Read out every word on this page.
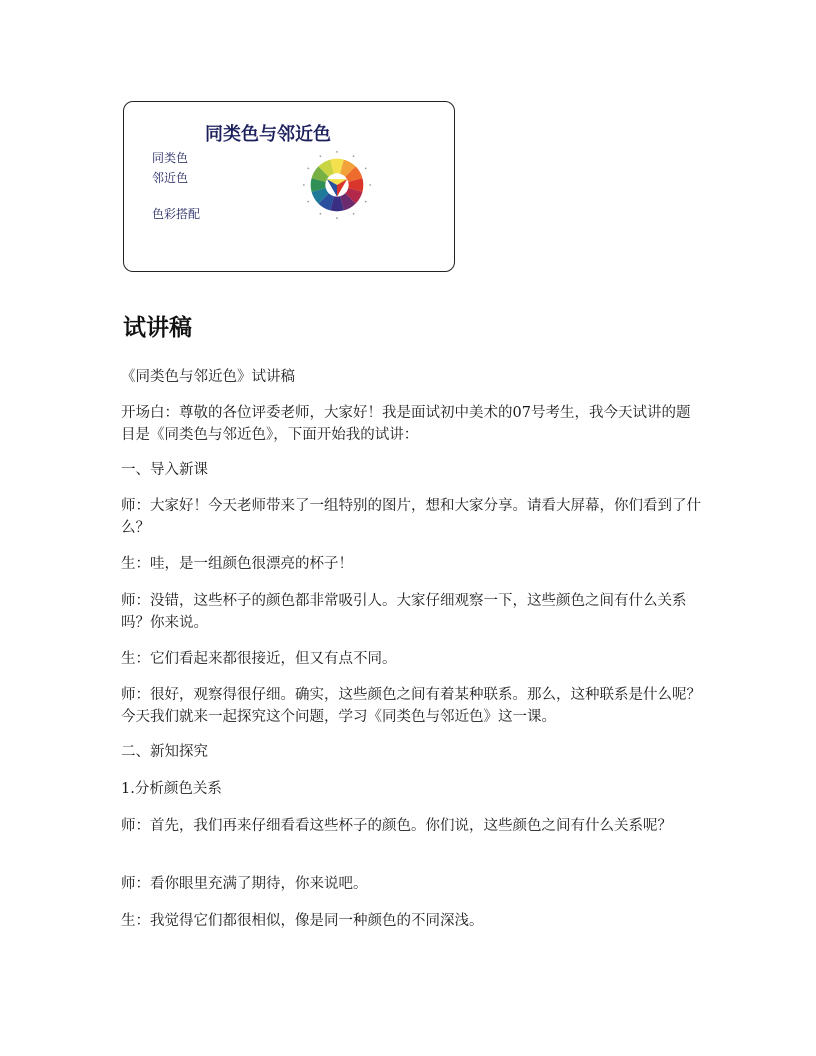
同类色与邻近色
同类色
邻近色
色彩搭配
试讲稿

《同类色与邻近色》试讲稿

开场白：尊敬的各位评委老师，大家好！我是面试初中美术的07号考生，我今天试讲的题目是《同类色与邻近色》，下面开始我的试讲：

一、导入新课

师：大家好！今天老师带来了一组特别的图片，想和大家分享。请看大屏幕，你们看到了什么？

生：哇，是一组颜色很漂亮的杯子！

师：没错，这些杯子的颜色都非常吸引人。大家仔细观察一下，这些颜色之间有什么关系吗？你来说。

生：它们看起来都很接近，但又有点不同。

师：很好，观察得很仔细。确实，这些颜色之间有着某种联系。那么，这种联系是什么呢？今天我们就来一起探究这个问题，学习《同类色与邻近色》这一课。

二、新知探究

1.分析颜色关系

师：首先，我们再来仔细看看这些杯子的颜色。你们说，这些颜色之间有什么关系呢？

师：看你眼里充满了期待，你来说吧。

生：我觉得它们都很相似，像是同一种颜色的不同深浅。
